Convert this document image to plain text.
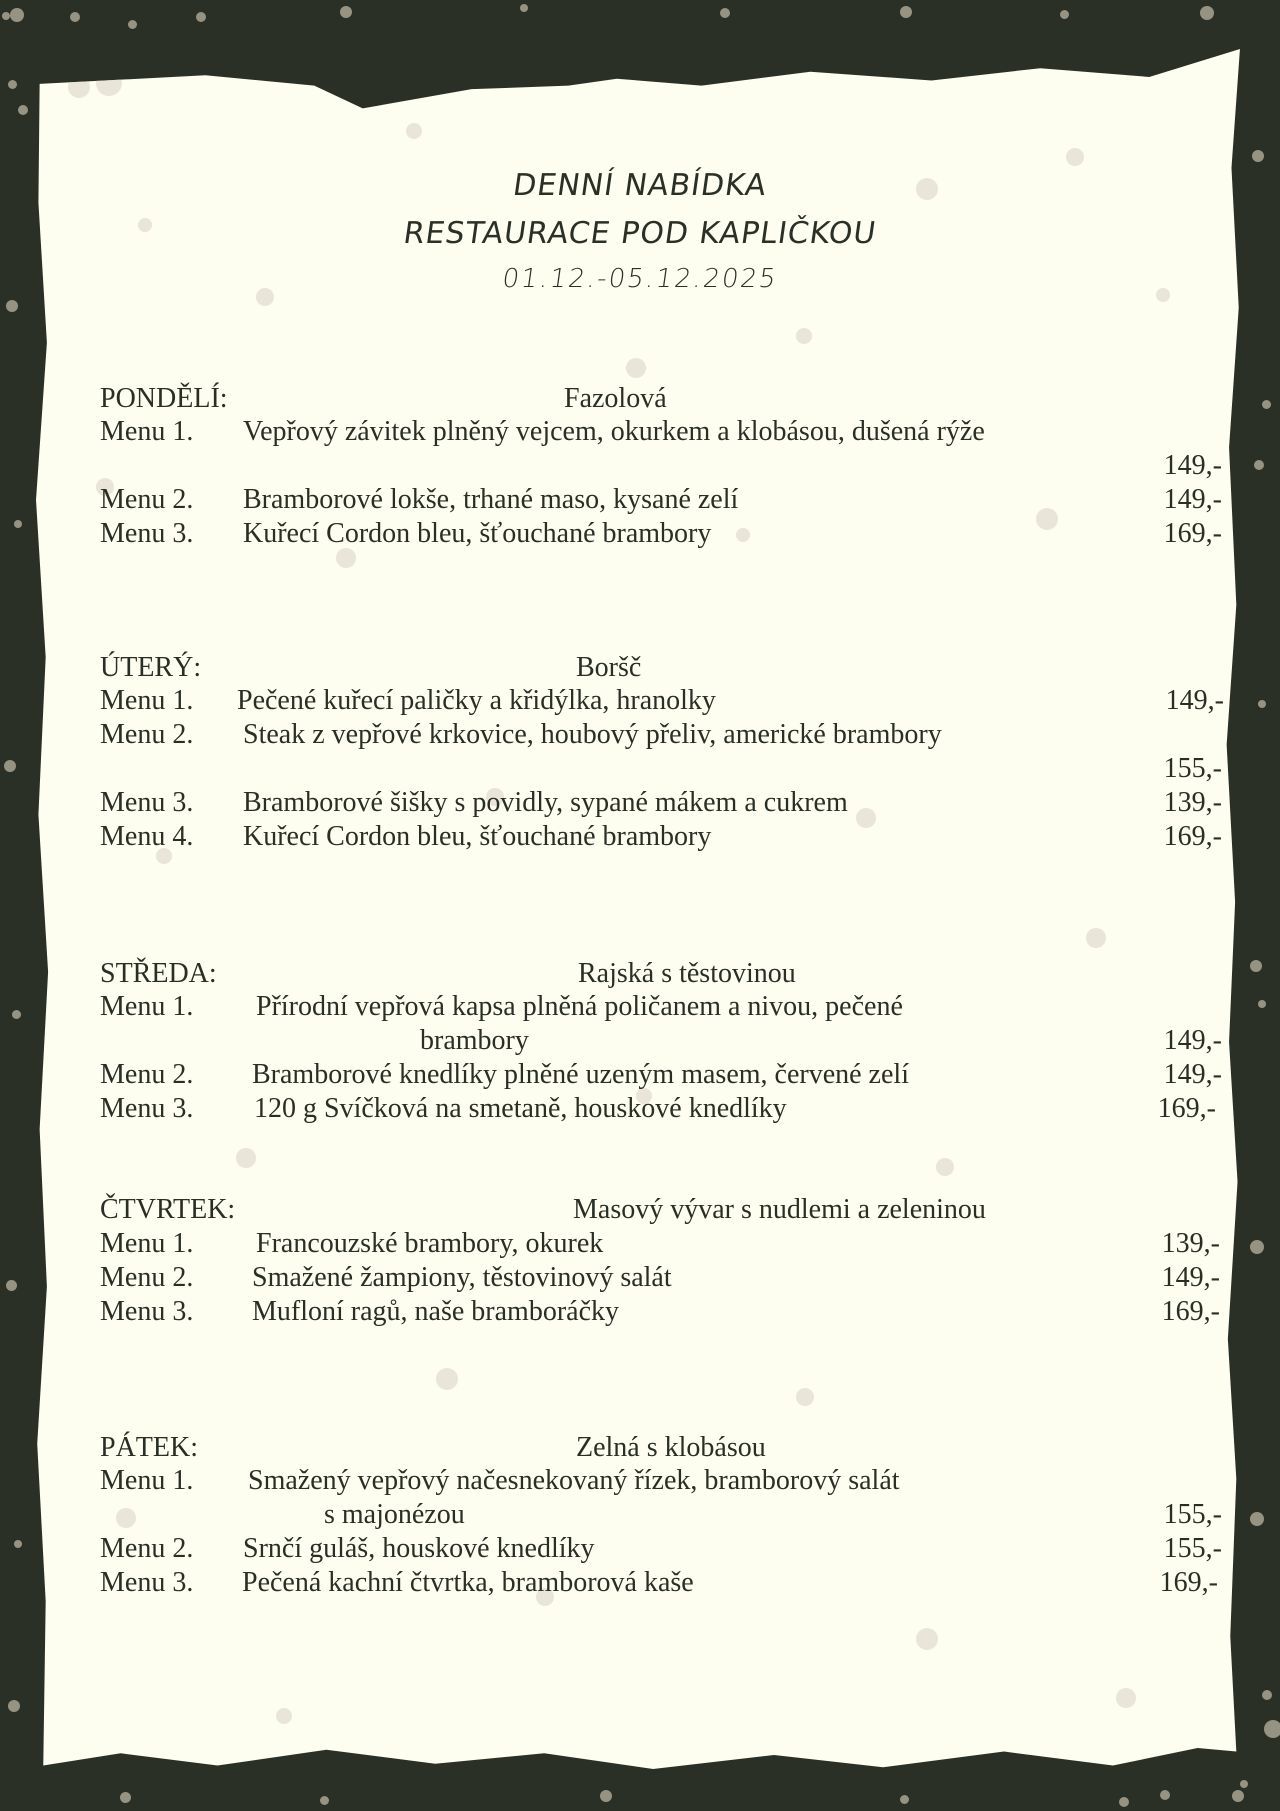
DENNÍ NABÍDKA
RESTAURACE POD KAPLIČKOU
01.12.-05.12.2025
PONDĚLÍ:	Fazolová
Menu 1. Vepřový závitek plněný vejcem, okurkem a klobásou, dušená rýže
149,-
Menu 2. Bramborové lokše, trhané maso, kysané zelí	149,-
Menu 3. Kuřecí Cordon bleu, šťouchané brambory	169,-
ÚTERÝ:	Boršč
Menu 1. Pečené kuřecí paličky a křidýlka, hranolky	149,-
Menu 2. Steak z vepřové krkovice, houbový přeliv, americké brambory
155,-
Menu 3. Bramborové šišky s povidly, sypané mákem a cukrem	139,-
Menu 4. Kuřecí Cordon bleu, šťouchané brambory	169,-
STŘEDA:	Rajská s těstovinou
Menu 1. Přírodní vepřová kapsa plněná poličanem a nivou, pečené
brambory	149,-
Menu 2. Bramborové knedlíky plněné uzeným masem, červené zelí	149,-
Menu 3. 120 g Svíčková na smetaně, houskové knedlíky	169,-
ČTVRTEK:	Masový vývar s nudlemi a zeleninou
Menu 1. Francouzské brambory, okurek	139,-
Menu 2. Smažené žampiony, těstovinový salát	149,-
Menu 3. Mufloní ragů, naše bramboráčky	169,-
PÁTEK:	Zelná s klobásou
Menu 1. Smažený vepřový načesnekovaný řízek, bramborový salát
s majonézou	155,-
Menu 2. Srnčí guláš, houskové knedlíky	155,-
Menu 3. Pečená kachní čtvrtka, bramborová kaše	169,-
